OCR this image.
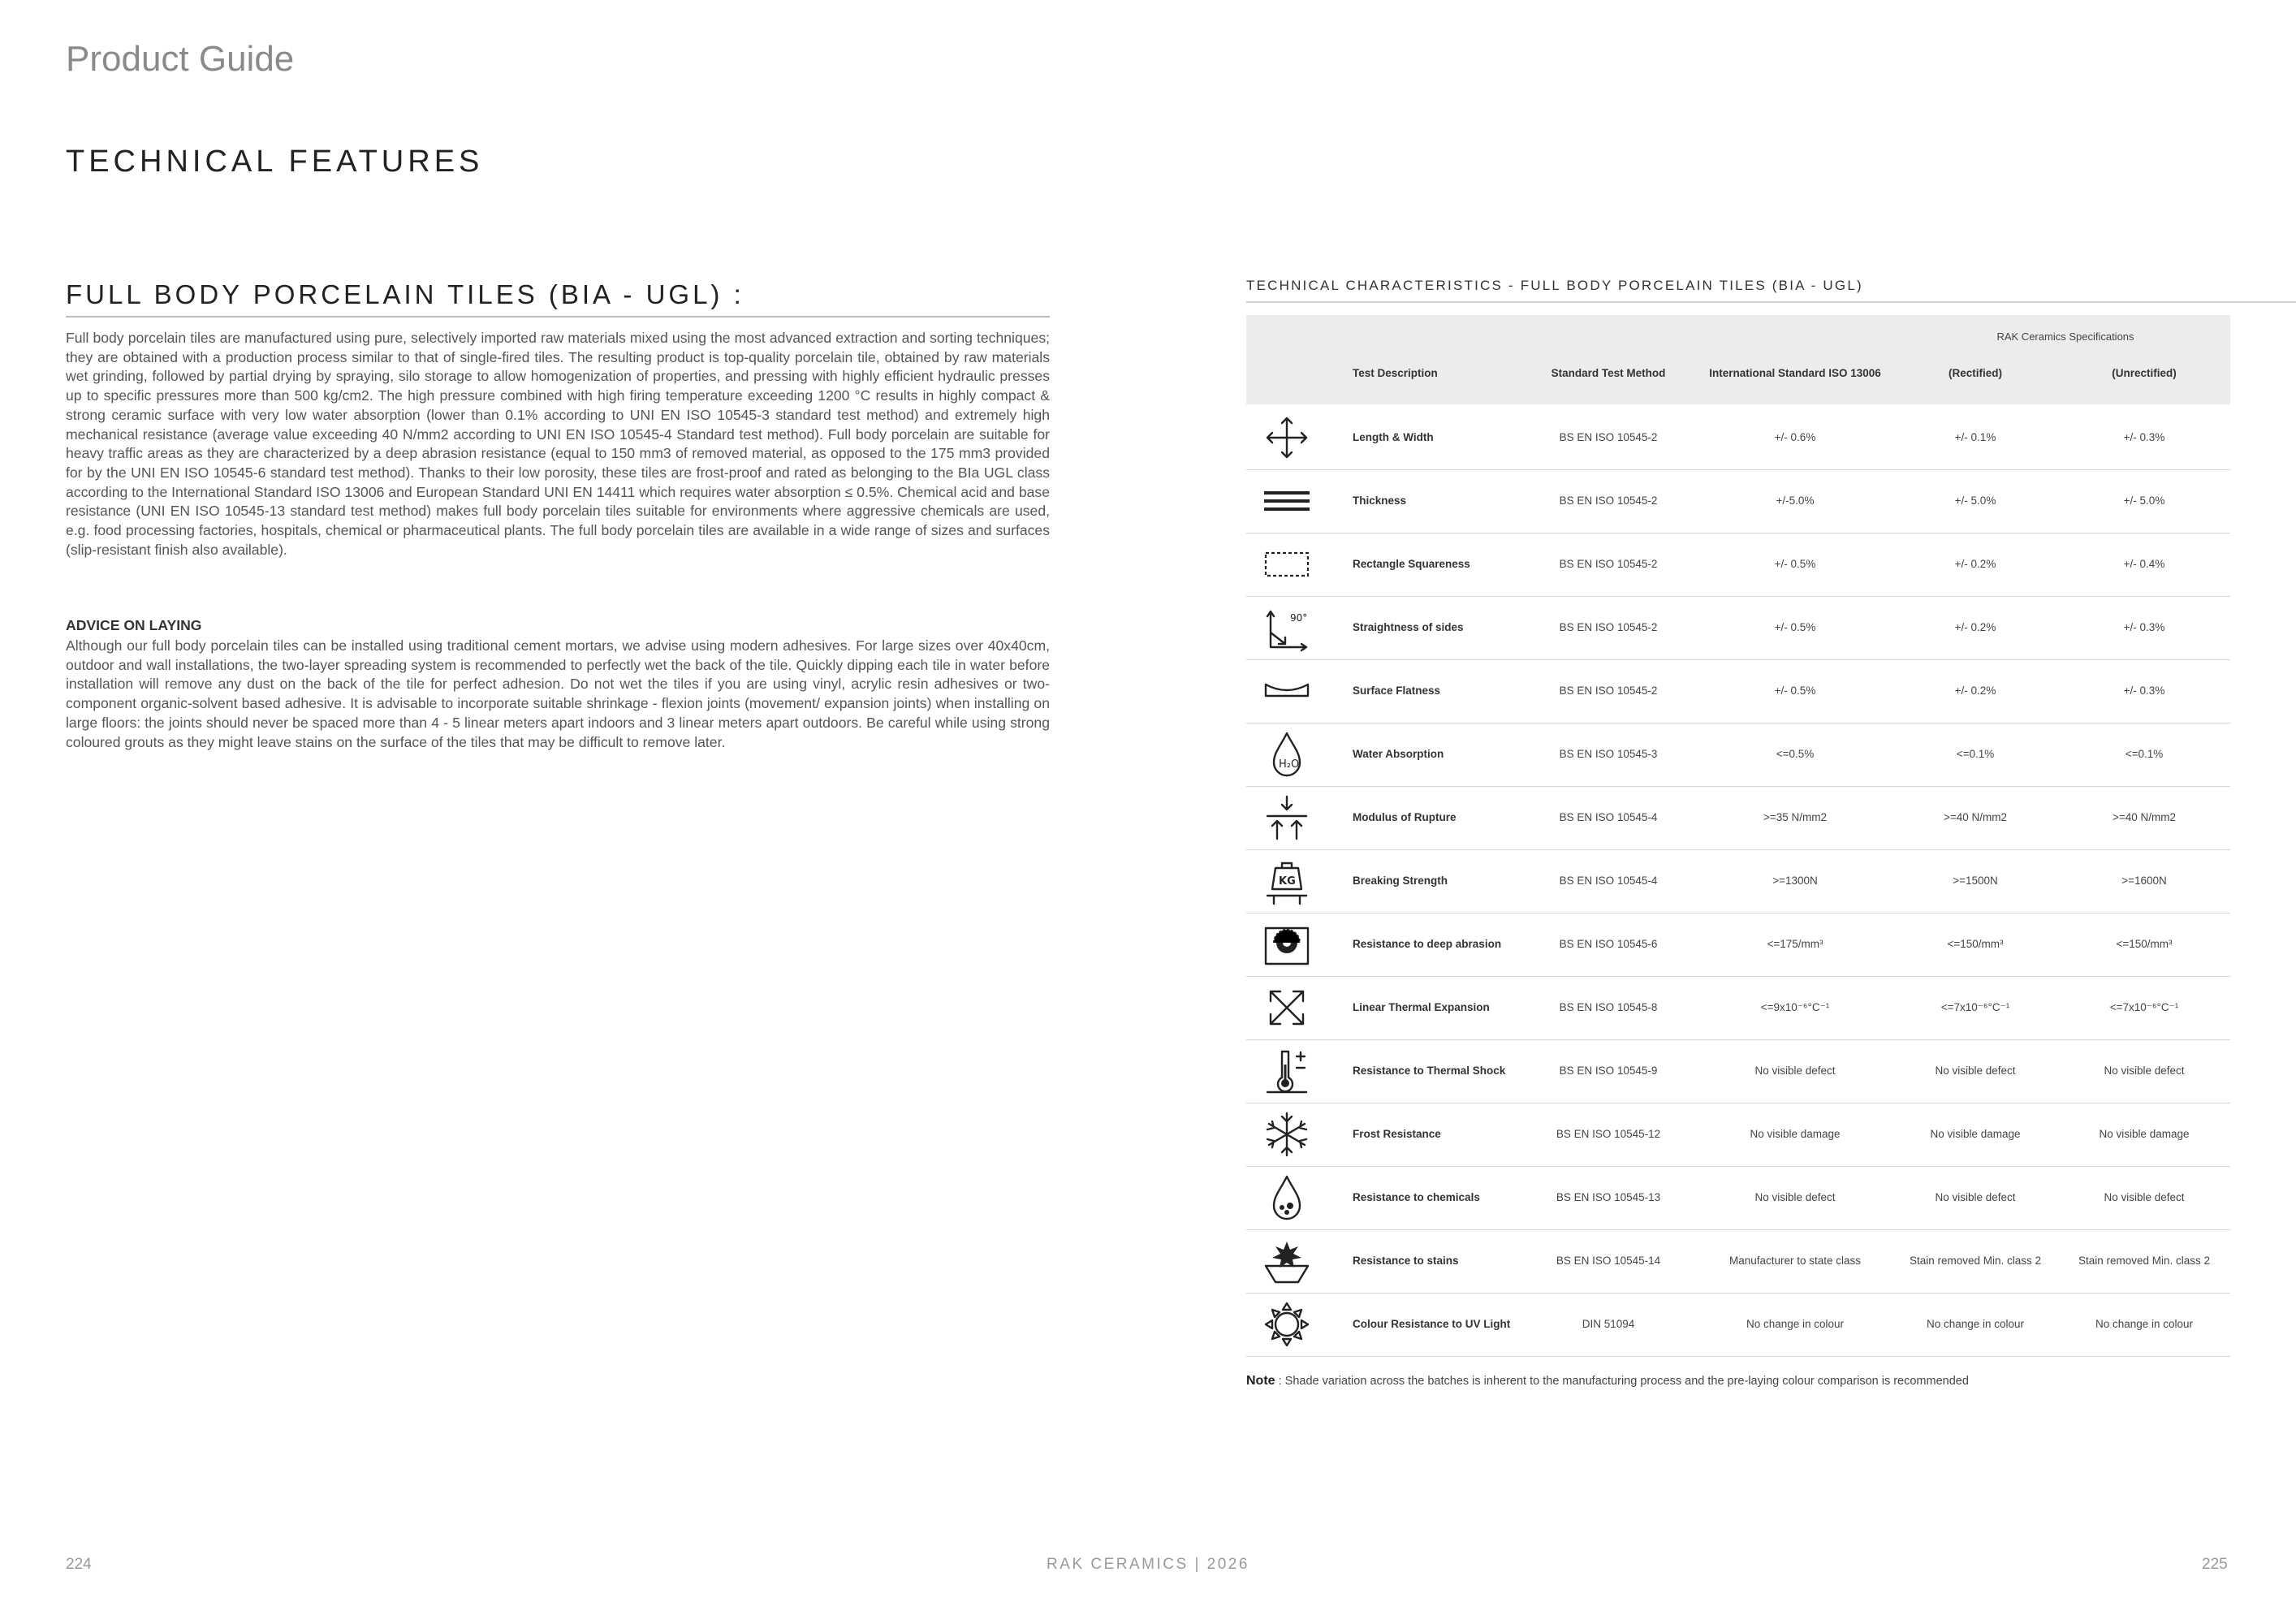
Product Guide
TECHNICAL FEATURES
FULL BODY PORCELAIN TILES (BIA - UGL) :

Full body porcelain tiles are manufactured using pure, selectively imported raw materials mixed using the most advanced extraction and sorting techniques; they are obtained with a production process similar to that of single-fired tiles. The resulting product is top-quality porcelain tile, obtained by raw materials wet grinding, followed by partial drying by spraying, silo storage to allow homogenization of properties, and pressing with highly efficient hydraulic presses up to specific pressures more than 500 kg/cm2. The high pressure combined with high firing temperature exceeding 1200 °C results in highly compact & strong ceramic surface with very low water absorption (lower than 0.1% according to UNI EN ISO 10545-3 standard test method) and extremely high mechanical resistance (average value exceeding 40 N/mm2 according to UNI EN ISO 10545-4 Standard test method). Full body porcelain are suitable for heavy traffic areas as they are characterized by a deep abrasion resistance (equal to 150 mm3 of removed material, as opposed to the 175 mm3 provided for by the UNI EN ISO 10545-6 standard test method). Thanks to their low porosity, these tiles are frost-proof and rated as belonging to the BIa UGL class according to the International Standard ISO 13006 and European Standard UNI EN 14411 which requires water absorption ≤ 0.5%. Chemical acid and base resistance (UNI EN ISO 10545-13 standard test method) makes full body porcelain tiles suitable for environments where aggressive chemicals are used, e.g. food processing factories, hospitals, chemical or pharmaceutical plants. The full body porcelain tiles are available in a wide range of sizes and surfaces (slip-resistant finish also available).

ADVICE ON LAYING

Although our full body porcelain tiles can be installed using traditional cement mortars, we advise using modern adhesives. For large sizes over 40x40cm, outdoor and wall installations, the two-layer spreading system is recommended to perfectly wet the back of the tile. Quickly dipping each tile in water before installation will remove any dust on the back of the tile for perfect adhesion. Do not wet the tiles if you are using vinyl, acrylic resin adhesives or two-component organic-solvent based adhesive. It is advisable to incorporate suitable shrinkage - flexion joints (movement/ expansion joints) when installing on large floors: the joints should never be spaced more than 4 - 5 linear meters apart indoors and 3 linear meters apart outdoors. Be careful while using strong coloured grouts as they might leave stains on the surface of the tiles that may be difficult to remove later.

TECHNICAL CHARACTERISTICS - FULL BODY PORCELAIN TILES (BIA - UGL)
RAK Ceramics Specifications
Test Description	Standard Test Method	International Standard ISO 13006	(Rectified)	(Unrectified)
Length & Width	BS EN ISO 10545-2	+/- 0.6%	+/- 0.1%	+/- 0.3%
Thickness	BS EN ISO 10545-2	+/-5.0%	+/- 5.0%	+/- 5.0%
Rectangle Squareness	BS EN ISO 10545-2	+/- 0.5%	+/- 0.2%	+/- 0.4%
90°
Straightness of sides	BS EN ISO 10545-2	+/- 0.5%	+/- 0.2%	+/- 0.3%
Surface Flatness	BS EN ISO 10545-2	+/- 0.5%	+/- 0.2%	+/- 0.3%
H₂O
Water Absorption	BS EN ISO 10545-3	<=0.5%	<=0.1%	<=0.1%
Modulus of Rupture	BS EN ISO 10545-4	>=35 N/mm2	>=40 N/mm2	>=40 N/mm2
KG	Breaking Strength	BS EN ISO 10545-4	>=1300N	>=1500N	>=1600N
Resistance to deep abrasion	BS EN ISO 10545-6	<=175/mm³	<=150/mm³	<=150/mm³
Linear Thermal Expansion	BS EN ISO 10545-8	<=9x10⁻⁶°C⁻¹	<=7x10⁻⁶°C⁻¹	<=7x10⁻⁶°C⁻¹
Resistance to Thermal Shock	BS EN ISO 10545-9	No visible defect	No visible defect	No visible defect
Frost Resistance	BS EN ISO 10545-12	No visible damage	No visible damage	No visible damage
Resistance to chemicals	BS EN ISO 10545-13	No visible defect	No visible defect	No visible defect
Resistance to stains	BS EN ISO 10545-14	Manufacturer to state class	Stain removed Min. class 2	Stain removed Min. class 2
Colour Resistance to UV Light	DIN 51094	No change in colour	No change in colour	No change in colour
Note : Shade variation across the batches is inherent to the manufacturing process and the pre-laying colour comparison is recommended
224	RAK CERAMICS | 2026	225
